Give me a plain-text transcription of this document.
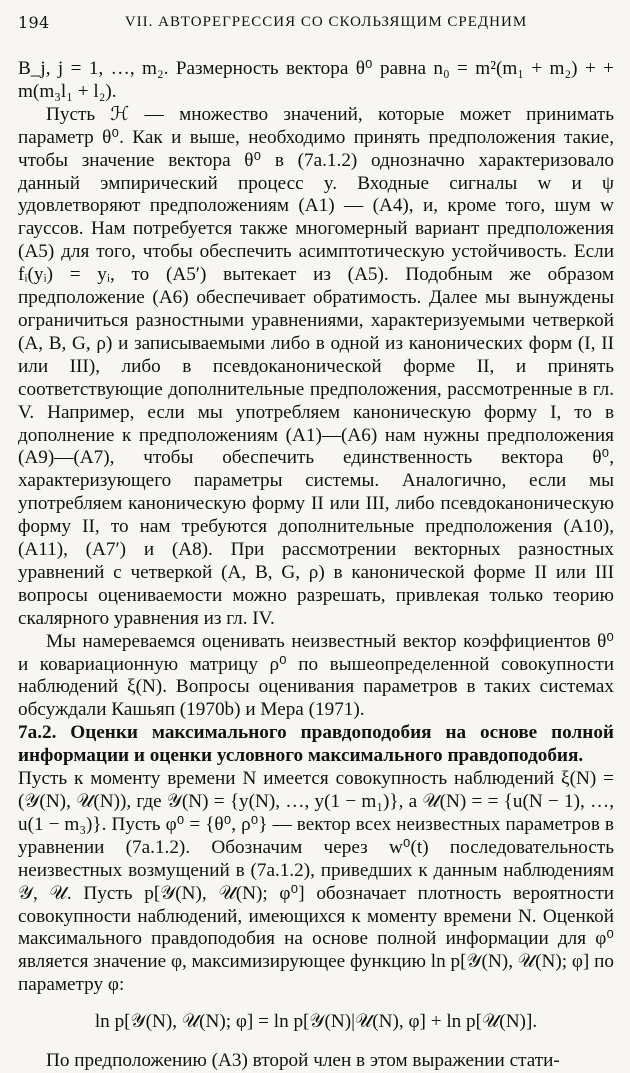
194	VII. АВТОРЕГРЕССИЯ СО СКОЛЬЗЯЩИМ СРЕДНИМ

B_j, j = 1, …, m₂. Размерность вектора θ⁰ равна n₀ = m²(m₁ + m₂) + + m(m₃l₁ + l₂).

Пусть ℋ — множество значений, которые может принимать параметр θ⁰. Как и выше, необходимо принять предположения такие, чтобы значение вектора θ⁰ в (7а.1.2) однозначно характеризовало данный эмпирический процесс y. Входные сигналы w и ψ удовлетворяют предположениям (А1) — (А4), и, кроме того, шум w гауссов. Нам потребуется также многомерный вариант предположения (А5) для того, чтобы обеспечить асимптотическую устойчивость. Если fᵢ(yᵢ) = yᵢ, то (А5′) вытекает из (А5). Подобным же образом предположение (А6) обеспечивает обратимость. Далее мы вынуждены ограничиться разностными уравнениями, характеризуемыми четверкой (A, B, G, ρ) и записываемыми либо в одной из канонических форм (I, II или III), либо в псевдоканонической форме II, и принять соответствующие дополнительные предположения, рассмотренные в гл. V. Например, если мы употребляем каноническую форму I, то в дополнение к предположениям (А1)—(А6) нам нужны предположения (А9)—(А7), чтобы обеспечить единственность вектора θ⁰, характеризующего параметры системы. Аналогично, если мы употребляем каноническую форму II или III, либо псевдоканоническую форму II, то нам требуются дополнительные предположения (А10), (А11), (А7′) и (А8). При рассмотрении векторных разностных уравнений с четверкой (A, B, G, ρ) в канонической форме II или III вопросы оцениваемости можно разрешать, привлекая только теорию скалярного уравнения из гл. IV.

Мы намереваемся оценивать неизвестный вектор коэффициентов θ⁰ и ковариационную матрицу ρ⁰ по вышеопределенной совокупности наблюдений ξ(N). Вопросы оценивания параметров в таких системах обсуждали Кашьяп (1970b) и Мера (1971).

7а.2. Оценки максимального правдоподобия на основе полной информации и оценки условного максимального правдоподобия.

Пусть к моменту времени N имеется совокупность наблюдений ξ(N) = (𝒴(N), 𝒰(N)), где 𝒴(N) = {y(N), …, y(1 − m₁)}, а 𝒰(N) = = {u(N − 1), …, u(1 − m₃)}. Пусть φ⁰ = {θ⁰, ρ⁰} — вектор всех неизвестных параметров в уравнении (7а.1.2). Обозначим через w⁰(t) последовательность неизвестных возмущений в (7а.1.2), приведших к данным наблюдениям 𝒴, 𝒰. Пусть p[𝒴(N), 𝒰(N); φ⁰] обозначает плотность вероятности совокупности наблюдений, имеющихся к моменту времени N. Оценкой максимального правдоподобия на основе полной информации для φ⁰ является значение φ, максимизирующее функцию ln p[𝒴(N), 𝒰(N); φ] по параметру φ:

ln p[𝒴(N), 𝒰(N); φ] = ln p[𝒴(N)|𝒰(N), φ] + ln p[𝒰(N)].

По предположению (А3) второй член в этом выражении стати-
